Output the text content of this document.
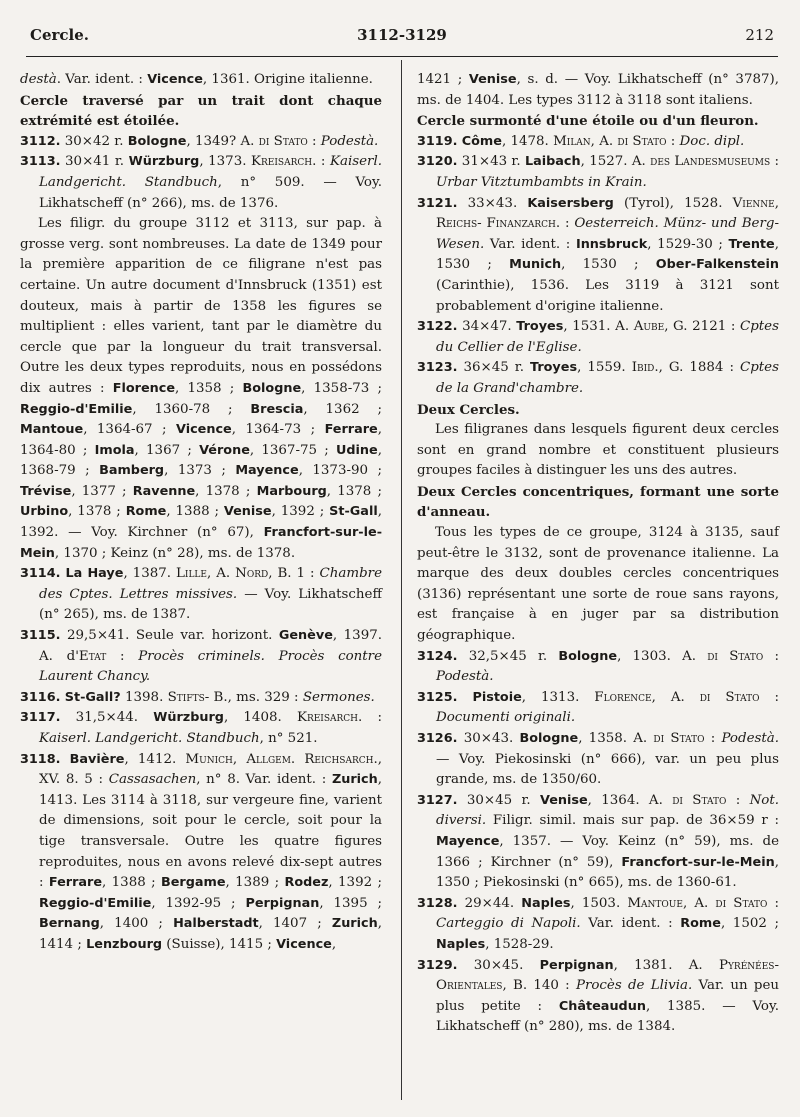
Cercle.	3112-3129	212

destà. Var. ident. : Vicence, 1361. Origine italienne.

Cercle traversé par un trait dont chaque extrémité est étoilée.

3112. 30×42 r. Bologne, 1349? A. di Stato : Podestà.

3113. 30×41 r. Würzburg, 1373. Kreisarch. : Kaiserl. Landgericht. Standbuch, n° 509. — Voy. Likhatscheff (n° 266), ms. de 1376.

Les filigr. du groupe 3112 et 3113, sur pap. à grosse verg. sont nombreuses. La date de 1349 pour la première apparition de ce filigrane n'est pas certaine. Un autre document d'Innsbruck (1351) est douteux, mais à partir de 1358 les figures se multiplient : elles varient, tant par le diamètre du cercle que par la longueur du trait transversal. Outre les deux types reproduits, nous en possédons dix autres : Florence, 1358 ; Bologne, 1358-73 ; Reggio-d'Emilie, 1360-78 ; Brescia, 1362 ; Mantoue, 1364-67 ; Vicence, 1364-73 ; Ferrare, 1364-80 ; Imola, 1367 ; Vérone, 1367-75 ; Udine, 1368-79 ; Bamberg, 1373 ; Mayence, 1373-90 ; Trévise, 1377 ; Ravenne, 1378 ; Marbourg, 1378 ; Urbino, 1378 ; Rome, 1388 ; Venise, 1392 ; St-Gall, 1392. — Voy. Kirchner (n° 67), Francfort-sur-le-Mein, 1370 ; Keinz (n° 28), ms. de 1378.

3114. La Haye, 1387. Lille, A. Nord, B. 1 : Chambre des Cptes. Lettres missives. — Voy. Likhatscheff (n° 265), ms. de 1387.

3115. 29,5×41. Seule var. horizont. Genève, 1397. A. d'Etat : Procès criminels. Procès contre Laurent Chancy.

3116. St-Gall? 1398. Stifts- B., ms. 329 : Sermones.

3117. 31,5×44. Würzburg, 1408. Kreisarch. : Kaiserl. Landgericht. Standbuch, n° 521.

3118. Bavière, 1412. Munich, Allgem. Reichsarch., XV. 8. 5 : Cassasachen, n° 8. Var. ident. : Zurich, 1413. Les 3114 à 3118, sur vergeure fine, varient de dimensions, soit pour le cercle, soit pour la tige transversale. Outre les quatre figures reproduites, nous en avons relevé dix-sept autres : Ferrare, 1388 ; Bergame, 1389 ; Rodez, 1392 ; Reggio-d'Emilie, 1392-95 ; Perpignan, 1395 ; Bernang, 1400 ; Halberstadt, 1407 ; Zurich, 1414 ; Lenzbourg (Suisse), 1415 ; Vicence,

1421 ; Venise, s. d. — Voy. Likhatscheff (n° 3787), ms. de 1404. Les types 3112 à 3118 sont italiens.

Cercle surmonté d'une étoile ou d'un fleuron.

3119. Côme, 1478. Milan, A. di Stato : Doc. dipl.

3120. 31×43 r. Laibach, 1527. A. des Landesmuseums : Urbar Vitztumbambts in Krain.

3121. 33×43. Kaisersberg (Tyrol), 1528. Vienne, Reichs- Finanzarch. : Oesterreich. Münz- und Berg-Wesen. Var. ident. : Innsbruck, 1529-30 ; Trente, 1530 ; Munich, 1530 ; Ober-Falkenstein (Carinthie), 1536. Les 3119 à 3121 sont probablement d'origine italienne.

3122. 34×47. Troyes, 1531. A. Aube, G. 2121 : Cptes du Cellier de l'Eglise.

3123. 36×45 r. Troyes, 1559. Ibid., G. 1884 : Cptes de la Grand'chambre.

Deux Cercles.

Les filigranes dans lesquels figurent deux cercles sont en grand nombre et constituent plusieurs groupes faciles à distinguer les uns des autres.

Deux Cercles concentriques, formant une sorte d'anneau.

Tous les types de ce groupe, 3124 à 3135, sauf peut-être le 3132, sont de provenance italienne. La marque des deux doubles cercles concentriques (3136) représentant une sorte de roue sans rayons, est française à en juger par sa distribution géographique.

3124. 32,5×45 r. Bologne, 1303. A. di Stato : Podestà.

3125. Pistoie, 1313. Florence, A. di Stato : Documenti originali.

3126. 30×43. Bologne, 1358. A. di Stato : Podestà. — Voy. Piekosinski (n° 666), var. un peu plus grande, ms. de 1350/60.

3127. 30×45 r. Venise, 1364. A. di Stato : Not. diversi. Filigr. simil. mais sur pap. de 36×59 r : Mayence, 1357. — Voy. Keinz (n° 59), ms. de 1366 ; Kirchner (n° 59), Francfort-sur-le-Mein, 1350 ; Piekosinski (n° 665), ms. de 1360-61.

3128. 29×44. Naples, 1503. Mantoue, A. di Stato : Carteggio di Napoli. Var. ident. : Rome, 1502 ; Naples, 1528-29.

3129. 30×45. Perpignan, 1381. A. Pyrénées-Orientales, B. 140 : Procès de Llivia. Var. un peu plus petite : Châteaudun, 1385. — Voy. Likhatscheff (n° 280), ms. de 1384.
